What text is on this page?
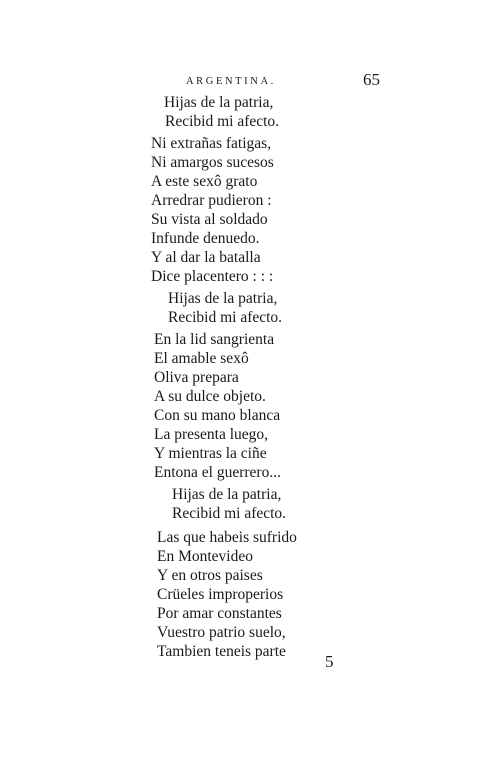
ARGENTINA.	65
Hijas de la patria,
Recibid mi afecto.
Ni extrañas fatigas,
Ni amargos sucesos
A este sexô grato
Arredrar pudieron :
Su vista al soldado
Infunde denuedo.
Y al dar la batalla
Dice placentero : : :
Hijas de la patria,
Recibid mi afecto.
En la lid sangrienta
El amable sexô
Oliva prepara
A su dulce objeto.
Con su mano blanca
La presenta luego,
Y mientras la ciñe
Entona el guerrero...
Hijas de la patria,
Recibid mi afecto.
Las que habeis sufrido
En Montevideo
Y en otros paises
Crüeles improperios
Por amar constantes
Vuestro patrio suelo,
Tambien teneis parte
5
